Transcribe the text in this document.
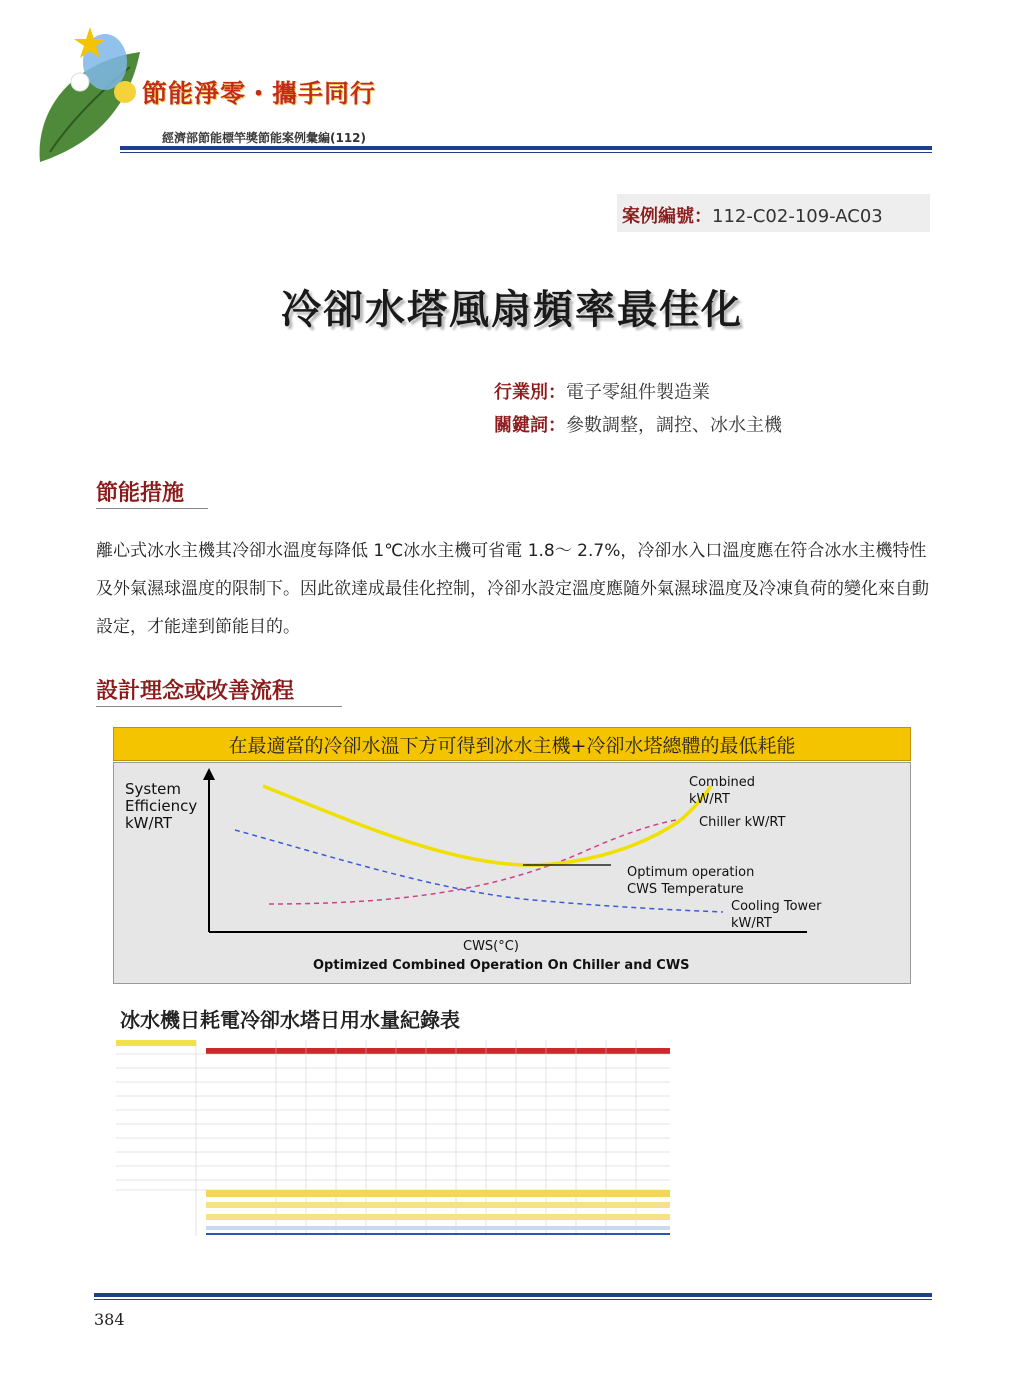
節能淨零・攜手同行
經濟部節能標竿獎節能案例彙編(112)
案例編號：112-C02-109-AC03
冷卻水塔風扇頻率最佳化
行業別：電子零組件製造業
關鍵詞：參數調整，調控、冰水主機
節能措施
離心式冰水主機其冷卻水溫度每降低 1℃冰水主機可省電 1.8～ 2.7%，冷卻水入口溫度應在符合冰水主機特性及外氣濕球溫度的限制下。因此欲達成最佳化控制，冷卻水設定溫度應隨外氣濕球溫度及冷凍負荷的變化來自動設定，才能達到節能目的。
設計理念或改善流程
在最適當的冷卻水溫下方可得到冰水主機+冷卻水塔總體的最低耗能
System
Efficiency
kW/RT
Combined
kW/RT
Chiller kW/RT
Optimum operation
CWS Temperature
Cooling Tower
kW/RT
CWS(°C)
Optimized Combined Operation On Chiller and CWS
冰水機日耗電冷卻水塔日用水量紀錄表
384
